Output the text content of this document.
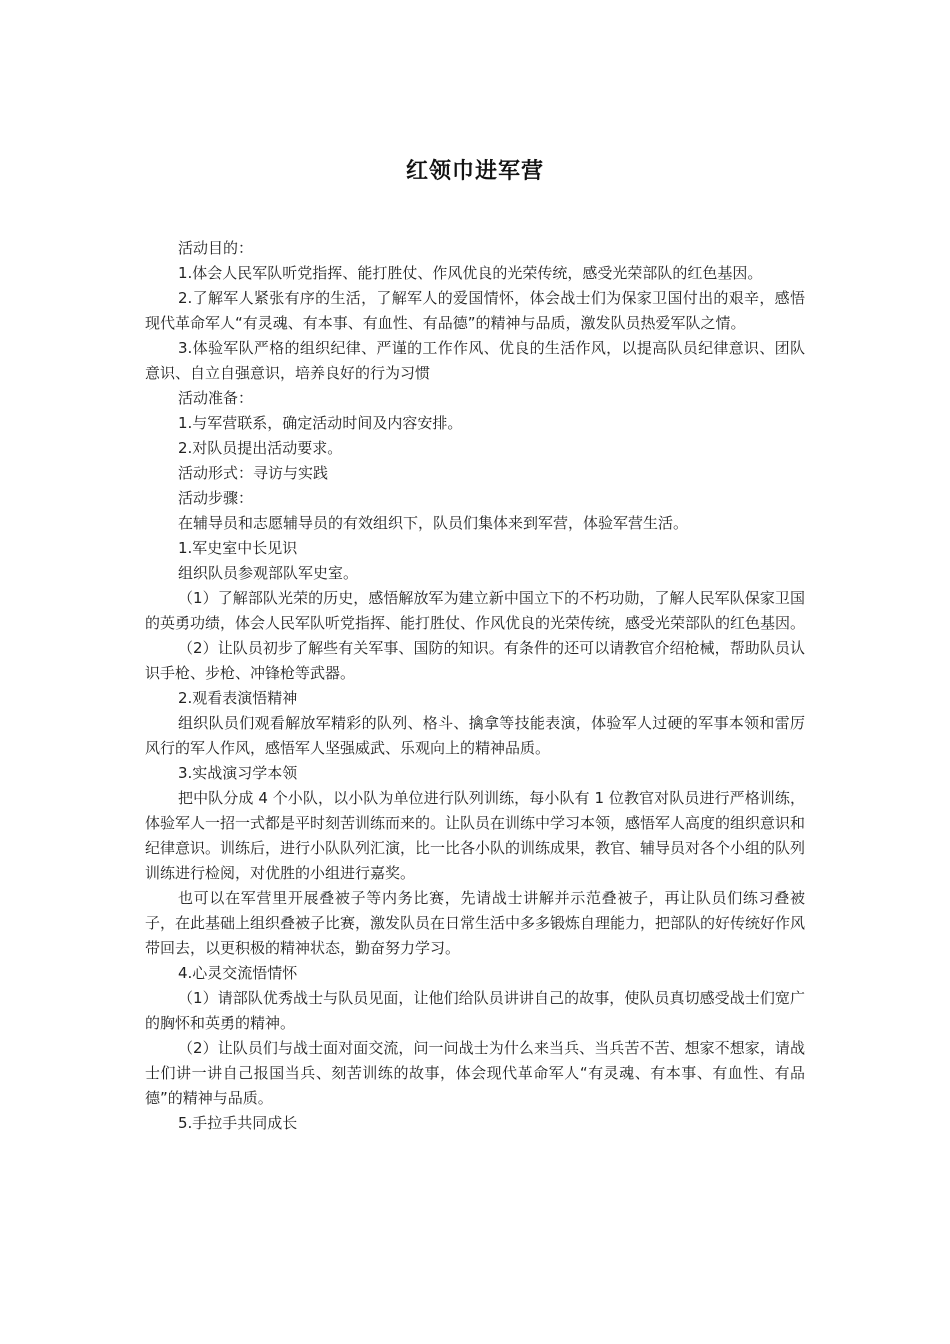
红领巾进军营

活动目的：

1.体会人民军队听党指挥、能打胜仗、作风优良的光荣传统，感受光荣部队的红色基因。

2.了解军人紧张有序的生活，了解军人的爱国情怀，体会战士们为保家卫国付出的艰辛，感悟现代革命军人“有灵魂、有本事、有血性、有品德”的精神与品质，激发队员热爱军队之情。

3.体验军队严格的组织纪律、严谨的工作作风、优良的生活作风，以提高队员纪律意识、团队意识、自立自强意识，培养良好的行为习惯

活动准备：

1.与军营联系，确定活动时间及内容安排。

2.对队员提出活动要求。

活动形式：寻访与实践

活动步骤：

在辅导员和志愿辅导员的有效组织下，队员们集体来到军营，体验军营生活。

1.军史室中长见识

组织队员参观部队军史室。

（1）了解部队光荣的历史，感悟解放军为建立新中国立下的不朽功勋，了解人民军队保家卫国的英勇功绩，体会人民军队听党指挥、能打胜仗、作风优良的光荣传统，感受光荣部队的红色基因。

（2）让队员初步了解些有关军事、国防的知识。有条件的还可以请教官介绍枪械，帮助队员认识手枪、步枪、冲锋枪等武器。

2.观看表演悟精神

组织队员们观看解放军精彩的队列、格斗、擒拿等技能表演，体验军人过硬的军事本领和雷厉风行的军人作风，感悟军人坚强威武、乐观向上的精神品质。

3.实战演习学本领

把中队分成 4 个小队，以小队为单位进行队列训练，每小队有 1 位教官对队员进行严格训练，体验军人一招一式都是平时刻苦训练而来的。让队员在训练中学习本领，感悟军人高度的组织意识和纪律意识。训练后，进行小队队列汇演，比一比各小队的训练成果，教官、辅导员对各个小组的队列训练进行检阅，对优胜的小组进行嘉奖。

也可以在军营里开展叠被子等内务比赛，先请战士讲解并示范叠被子，再让队员们练习叠被子，在此基础上组织叠被子比赛，激发队员在日常生活中多多锻炼自理能力，把部队的好传统好作风带回去，以更积极的精神状态，勤奋努力学习。

4.心灵交流悟情怀

（1）请部队优秀战士与队员见面，让他们给队员讲讲自己的故事，使队员真切感受战士们宽广的胸怀和英勇的精神。

（2）让队员们与战士面对面交流，问一问战士为什么来当兵、当兵苦不苦、想家不想家，请战士们讲一讲自己报国当兵、刻苦训练的故事，体会现代革命军人“有灵魂、有本事、有血性、有品德”的精神与品质。

5.手拉手共同成长
